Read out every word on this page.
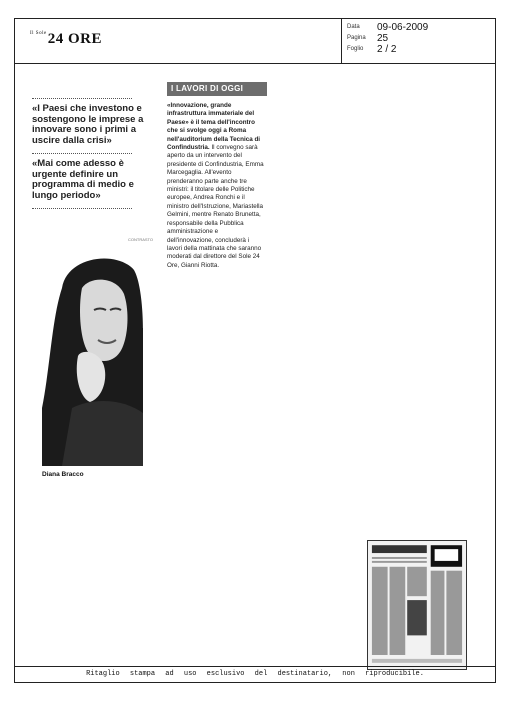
$^{Il Sole}$24 ORE
Data 09-06-2009
Pagina 25
Foglio 2 / 2
«I Paesi che investono e sostengono le imprese a innovare sono i primi a uscire dalla crisi»
«Mai come adesso è urgente definire un programma di medio e lungo periodo»
I LAVORI DI OGGI
«Innovazione, grande infrastruttura immateriale del Paese» è il tema dell'incontro che si svolge oggi a Roma nell'auditorium della Tecnica di Confindustria. Il convegno sarà aperto da un intervento del presidente di Confindustria, Emma Marcegaglia. All'evento prenderanno parte anche tre ministri: il titolare delle Politiche europee, Andrea Ronchi e il ministro dell'Istruzione, Mariastella Gelmini, mentre Renato Brunetta, responsabile della Pubblica amministrazione e dell'innovazione, concluderà i lavori della mattinata che saranno moderati dal direttore del Sole 24 Ore, Gianni Riotta.
CONTRASTO
Diana Bracco
Ritaglio stampa ad uso esclusivo del destinatario, non riproducibile.
